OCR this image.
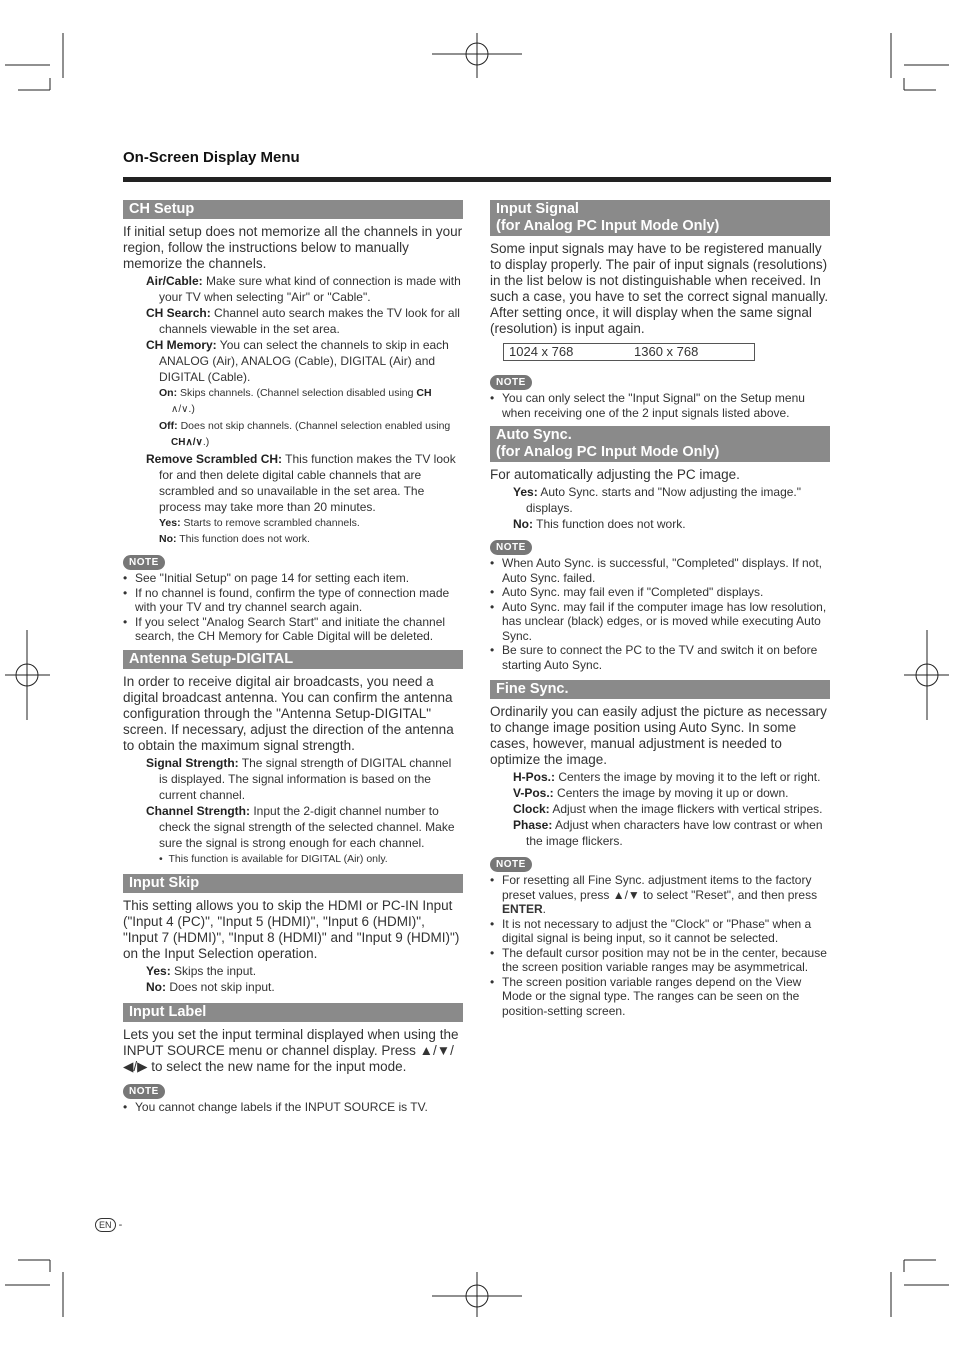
On-Screen Display Menu
CH Setup
If initial setup does not memorize all the channels in your region, follow the instructions below to manually memorize the channels.
Air/Cable: Make sure what kind of connection is made with your TV when selecting "Air" or "Cable".
CH Search: Channel auto search makes the TV look for all channels viewable in the set area.
CH Memory: You can select the channels to skip in each ANALOG (Air), ANALOG (Cable), DIGITAL (Air) and DIGITAL (Cable).
On: Skips channels. (Channel selection disabled using CH
∧/∨.)
Off: Does not skip channels. (Channel selection enabled using
CH∧/∨.)
Remove Scrambled CH: This function makes the TV look for and then delete digital cable channels that are scrambled and so unavailable in the set area. The process may take more than 20 minutes.
Yes: Starts to remove scrambled channels.
No: This function does not work.
NOTE
• See "Initial Setup" on page 14 for setting each item.
• If no channel is found, confirm the type of connection made with your TV and try channel search again.
• If you select "Analog Search Start" and initiate the channel search, the CH Memory for Cable Digital will be deleted.
Antenna Setup-DIGITAL
In order to receive digital air broadcasts, you need a digital broadcast antenna. You can confirm the antenna configuration through the "Antenna Setup-DIGITAL" screen. If necessary, adjust the direction of the antenna to obtain the maximum signal strength.
Signal Strength: The signal strength of DIGITAL channel is displayed. The signal information is based on the current channel.
Channel Strength: Input the 2-digit channel number to check the signal strength of the selected channel. Make sure the signal is strong enough for each channel.
•  This function is available for DIGITAL (Air) only.
Input Skip
This setting allows you to skip the HDMI or PC-IN Input ("Input 4 (PC)", "Input 5 (HDMI)", "Input 6 (HDMI)", "Input 7 (HDMI)", "Input 8 (HDMI)" and "Input 9 (HDMI)") on the Input Selection operation.
Yes: Skips the input.
No: Does not skip input.
Input Label
Lets you set the input terminal displayed when using the INPUT SOURCE menu or channel display. Press ▲/▼/◀/▶ to select the new name for the input mode.
NOTE
• You cannot change labels if the INPUT SOURCE is TV.
Input Signal
(for Analog PC Input Mode Only)
Some input signals may have to be registered manually to display properly. The pair of input signals (resolutions) in the list below is not distinguishable when received. In such a case, you have to set the correct signal manually. After setting once, it will display when the same signal (resolution) is input again.
1024 x 768	1360 x 768
NOTE
• You can only select the "Input Signal" on the Setup menu when receiving one of the 2 input signals listed above.
Auto Sync.
(for Analog PC Input Mode Only)
For automatically adjusting the PC image.
Yes: Auto Sync. starts and "Now adjusting the image." displays.
No: This function does not work.
NOTE
• When Auto Sync. is successful, "Completed" displays. If not, Auto Sync. failed.
• Auto Sync. may fail even if "Completed" displays.
• Auto Sync. may fail if the computer image has low resolution, has unclear (black) edges, or is moved while executing Auto Sync.
• Be sure to connect the PC to the TV and switch it on before starting Auto Sync.
Fine Sync.
Ordinarily you can easily adjust the picture as necessary to change image position using Auto Sync. In some cases, however, manual adjustment is needed to optimize the image.
H-Pos.: Centers the image by moving it to the left or right.
V-Pos.: Centers the image by moving it up or down.
Clock: Adjust when the image flickers with vertical stripes.
Phase: Adjust when characters have low contrast or when the image flickers.
NOTE
• For resetting all Fine Sync. adjustment items to the factory preset values, press ▲/▼ to select "Reset", and then press ENTER.
• It is not necessary to adjust the "Clock" or "Phase" when a digital signal is being input, so it cannot be selected.
• The default cursor position may not be in the center, because the screen position variable ranges may be asymmetrical.
• The screen position variable ranges depend on the View Mode or the signal type. The ranges can be seen on the position-setting screen.
EN -
